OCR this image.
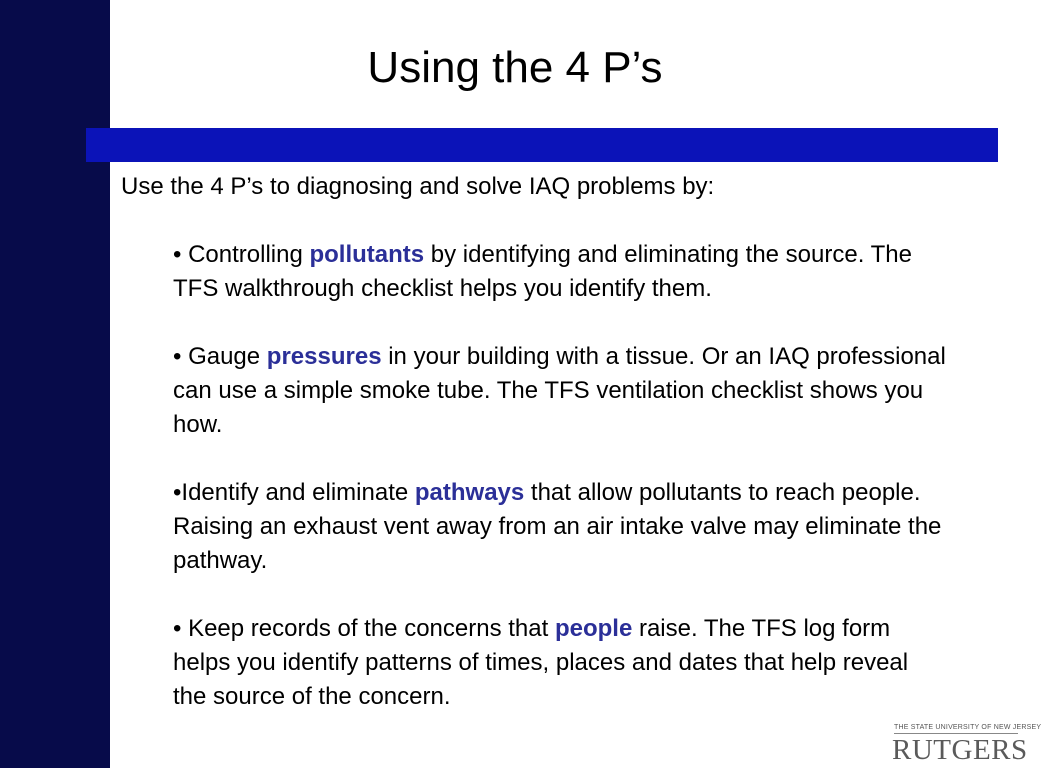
Using the 4 P’s

Use the 4 P’s to diagnosing and solve IAQ problems by:

• Controlling pollutants by identifying and eliminating the source. The TFS walkthrough checklist helps you identify them.
• Gauge pressures in your building with a tissue. Or an IAQ professional can use a simple smoke tube. The TFS ventilation checklist shows you how.
•Identify and eliminate pathways that allow pollutants to reach people. Raising an exhaust vent away from an air intake valve may eliminate the pathway.
• Keep records of the concerns that people raise. The TFS log form helps you identify patterns of times, places and dates that help reveal the source of the concern.
THE STATE UNIVERSITY OF NEW JERSEY
RUTGERS
